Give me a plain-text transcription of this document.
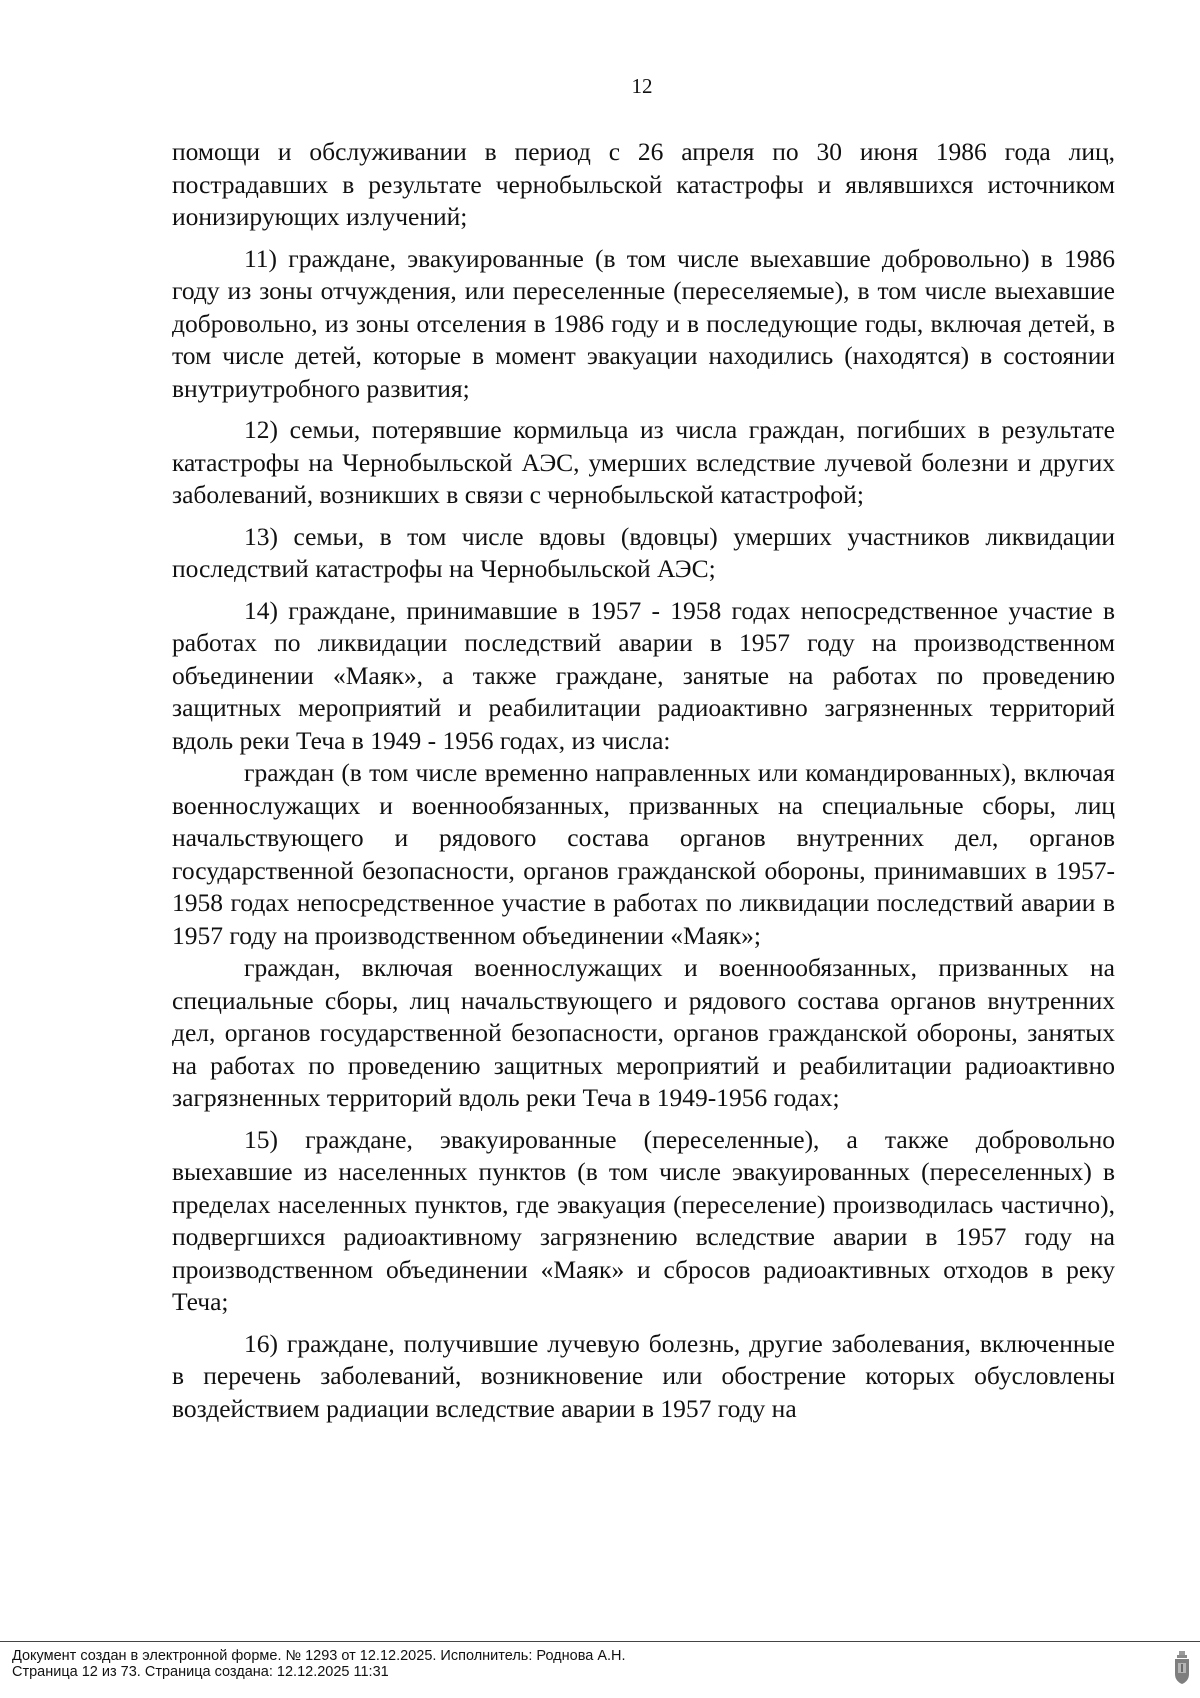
12

помощи и обслуживании в период с 26 апреля по 30 июня 1986 года лиц, пострадавших в результате чернобыльской катастрофы и являвшихся источником ионизирующих излучений;

11) граждане, эвакуированные (в том числе выехавшие добровольно) в 1986 году из зоны отчуждения, или переселенные (переселяемые), в том числе выехавшие добровольно, из зоны отселения в 1986 году и в последующие годы, включая детей, в том числе детей, которые в момент эвакуации находились (находятся) в состоянии внутриутробного развития;

12) семьи, потерявшие кормильца из числа граждан, погибших в результате катастрофы на Чернобыльской АЭС, умерших вследствие лучевой болезни и других заболеваний, возникших в связи с чернобыльской катастрофой;

13) семьи, в том числе вдовы (вдовцы) умерших участников ликвидации последствий катастрофы на Чернобыльской АЭС;

14) граждане, принимавшие в 1957 - 1958 годах непосредственное участие в работах по ликвидации последствий аварии в 1957 году на производственном объединении «Маяк», а также граждане, занятые на работах по проведению защитных мероприятий и реабилитации радиоактивно загрязненных территорий вдоль реки Теча в 1949 - 1956 годах, из числа:

граждан (в том числе временно направленных или командированных), включая военнослужащих и военнообязанных, призванных на специальные сборы, лиц начальствующего и рядового состава органов внутренних дел, органов государственной безопасности, органов гражданской обороны, принимавших в 1957-1958 годах непосредственное участие в работах по ликвидации последствий аварии в 1957 году на производственном объединении «Маяк»;

граждан, включая военнослужащих и военнообязанных, призванных на специальные сборы, лиц начальствующего и рядового состава органов внутренних дел, органов государственной безопасности, органов гражданской обороны, занятых на работах по проведению защитных мероприятий и реабилитации радиоактивно загрязненных территорий вдоль реки Теча в 1949-1956 годах;

15) граждане, эвакуированные (переселенные), а также добровольно выехавшие из населенных пунктов (в том числе эвакуированных (переселенных) в пределах населенных пунктов, где эвакуация (переселение) производилась частично), подвергшихся радиоактивному загрязнению вследствие аварии в 1957 году на производственном объединении «Маяк» и сбросов радиоактивных отходов в реку Теча;

16) граждане, получившие лучевую болезнь, другие заболевания, включенные в перечень заболеваний, возникновение или обострение которых обусловлены воздействием радиации вследствие аварии в 1957 году на

Документ создан в электронной форме. № 1293 от 12.12.2025. Исполнитель: Роднова А.Н.
Страница 12 из 73. Страница создана: 12.12.2025 11:31
